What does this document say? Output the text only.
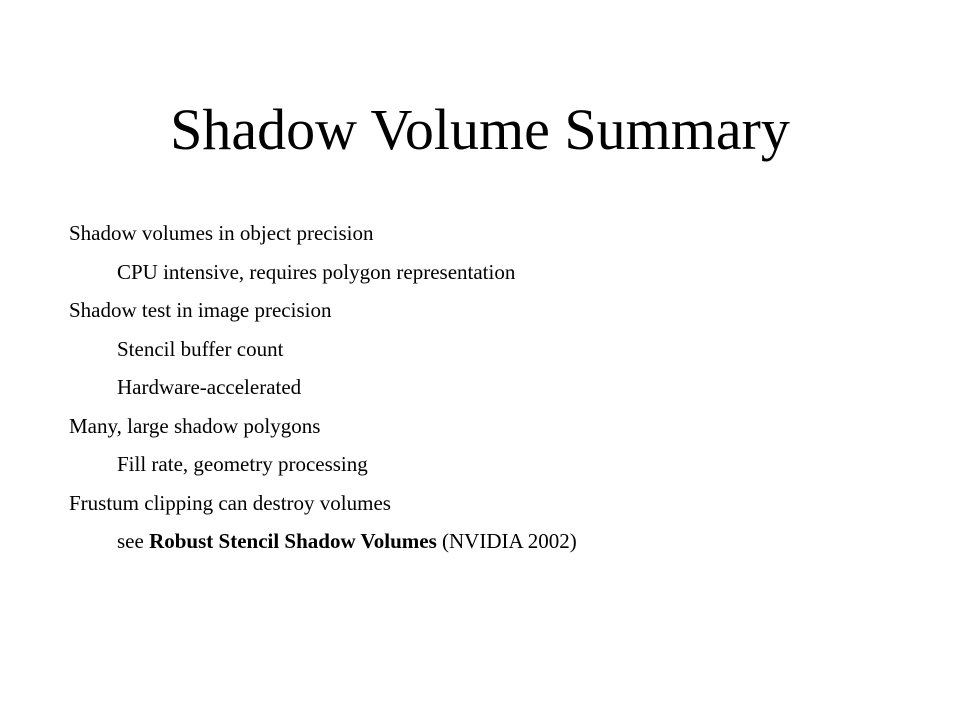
Shadow Volume Summary
Shadow volumes in object precision
CPU intensive, requires polygon representation
Shadow test in image precision
Stencil buffer count
Hardware-accelerated
Many, large shadow polygons
Fill rate, geometry processing
Frustum clipping can destroy volumes
see Robust Stencil Shadow Volumes (NVIDIA 2002)
